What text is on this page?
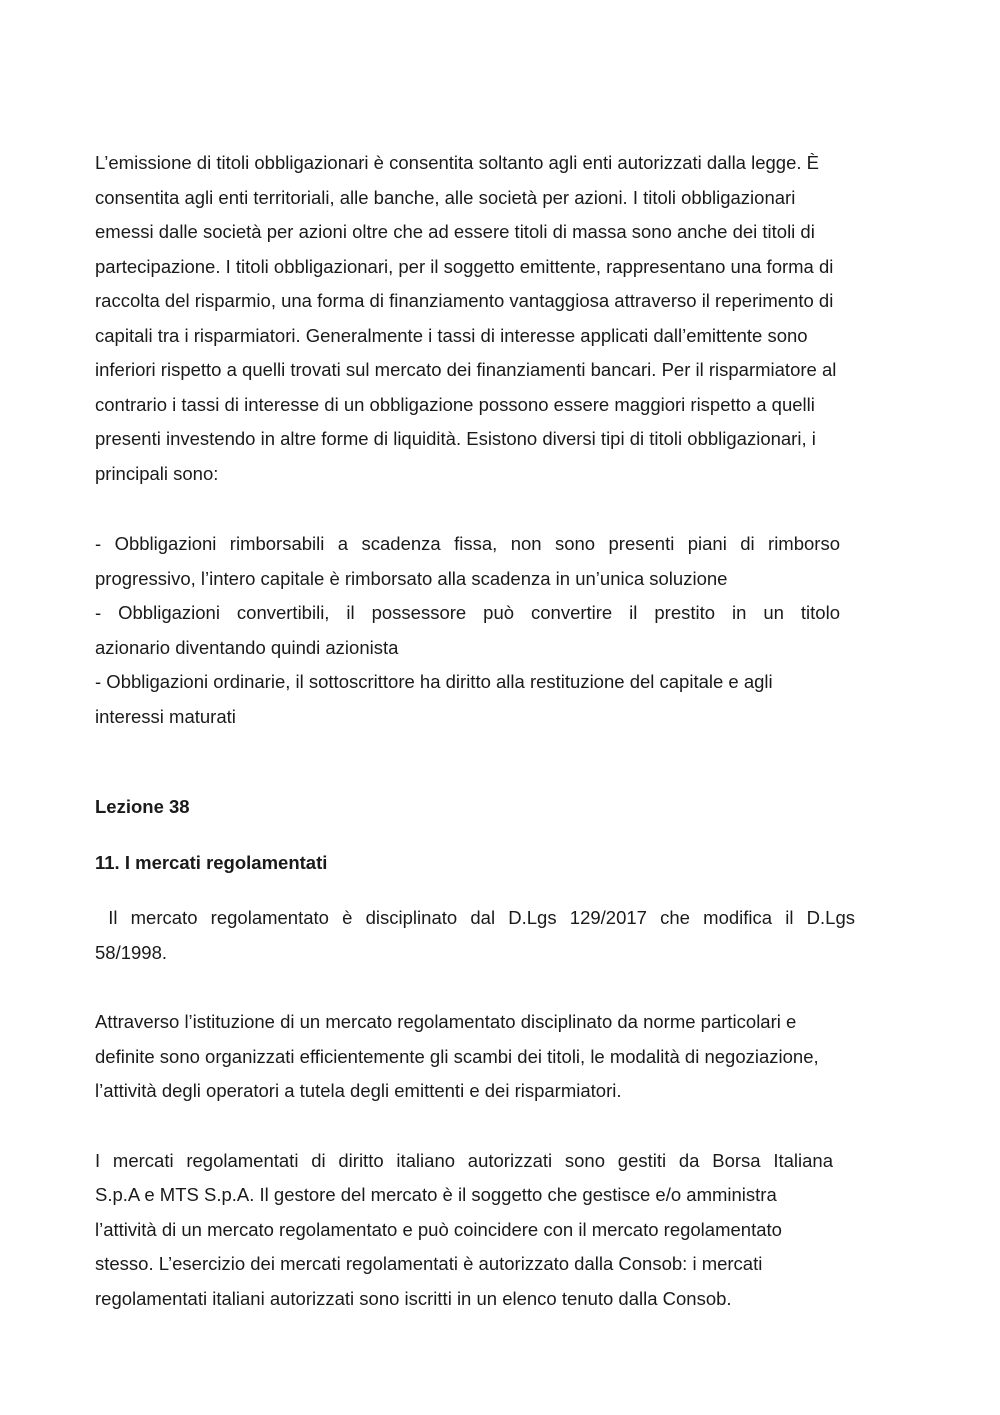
L’emissione di titoli obbligazionari è consentita soltanto agli enti autorizzati dalla legge. È
consentita agli enti territoriali, alle banche, alle società per azioni. I titoli obbligazionari
emessi dalle società per azioni oltre che ad essere titoli di massa sono anche dei titoli di
partecipazione. I titoli obbligazionari, per il soggetto emittente, rappresentano una forma di
raccolta del risparmio, una forma di finanziamento vantaggiosa attraverso il reperimento di
capitali tra i risparmiatori. Generalmente i tassi di interesse applicati dall’emittente sono
inferiori rispetto a quelli trovati sul mercato dei finanziamenti bancari. Per il risparmiatore al
contrario i tassi di interesse di un obbligazione possono essere maggiori rispetto a quelli
presenti investendo in altre forme di liquidità. Esistono diversi tipi di titoli obbligazionari, i
principali sono:
- Obbligazioni rimborsabili a scadenza fissa, non sono presenti piani di rimborso
progressivo, l’intero capitale è rimborsato alla scadenza in un’unica soluzione
- Obbligazioni convertibili, il possessore può convertire il prestito in un titolo
azionario diventando quindi azionista
- Obbligazioni ordinarie, il sottoscrittore ha diritto alla restituzione del capitale e agli
interessi maturati
Lezione 38
11. I mercati regolamentati
Il mercato regolamentato è disciplinato dal D.Lgs 129/2017 che modifica il D.Lgs
58/1998.
Attraverso l’istituzione di un mercato regolamentato disciplinato da norme particolari e
definite sono organizzati efficientemente gli scambi dei titoli, le modalità di negoziazione,
l’attività degli operatori a tutela degli emittenti e dei risparmiatori.
I mercati regolamentati di diritto italiano autorizzati sono gestiti da Borsa Italiana
S.p.A e MTS S.p.A. Il gestore del mercato è il soggetto che gestisce e/o amministra
l’attività di un mercato regolamentato e può coincidere con il mercato regolamentato
stesso. L’esercizio dei mercati regolamentati è autorizzato dalla Consob: i mercati
regolamentati italiani autorizzati sono iscritti in un elenco tenuto dalla Consob.
